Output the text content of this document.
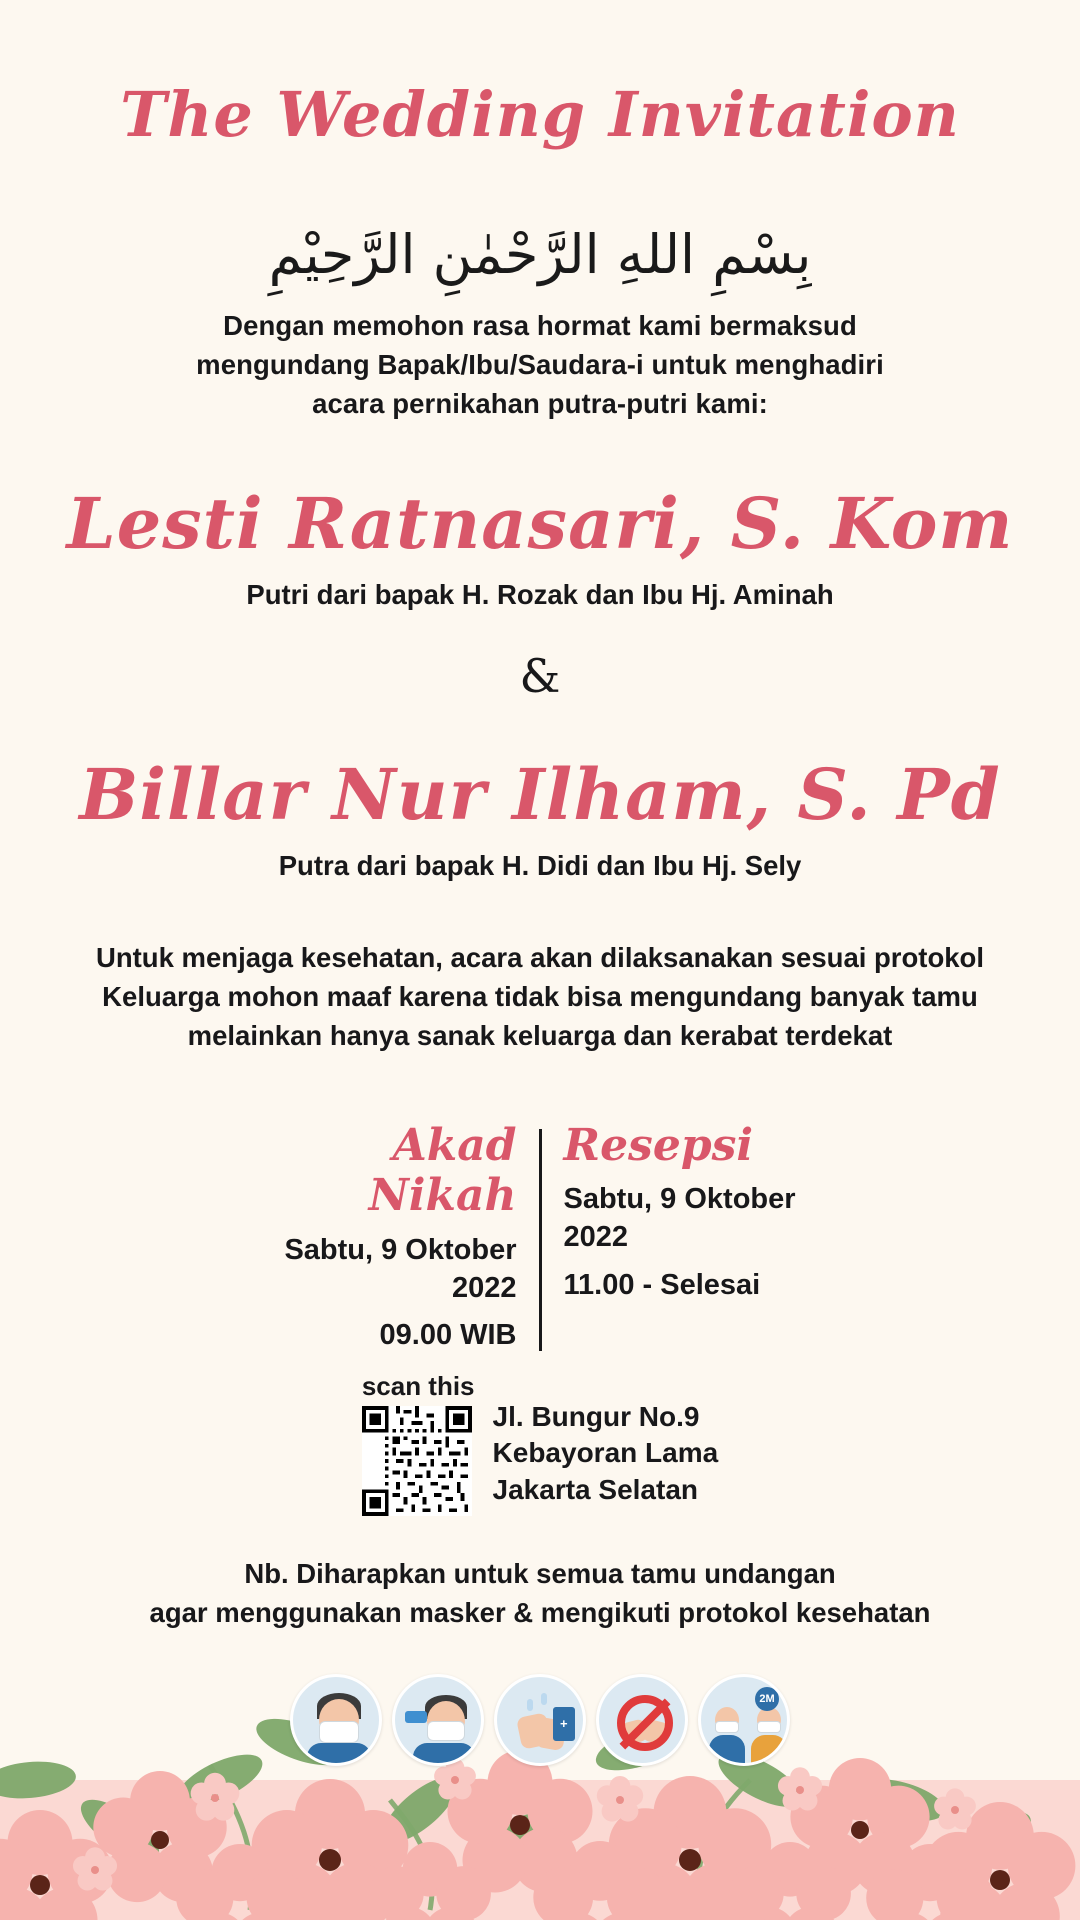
The Wedding Invitation
بِسْمِ اللهِ الرَّحْمٰنِ الرَّحِيْمِ
Dengan memohon rasa hormat kami bermaksud
mengundang Bapak/Ibu/Saudara-i untuk menghadiri
acara pernikahan putra-putri kami:
Lesti Ratnasari, S. Kom
Putri dari bapak H. Rozak dan Ibu Hj. Aminah
&
Billar Nur Ilham, S. Pd
Putra dari bapak H. Didi dan Ibu Hj. Sely
Untuk menjaga kesehatan, acara akan dilaksanakan sesuai protokol
Keluarga mohon maaf karena tidak bisa mengundang banyak tamu
melainkan hanya sanak keluarga dan kerabat terdekat
Akad Nikah
Sabtu, 9 Oktober 2022
09.00 WIB
Resepsi
Sabtu, 9 Oktober 2022
11.00 - Selesai
scan this
Jl. Bungur No.9
Kebayoran Lama
Jakarta Selatan
Nb. Diharapkan untuk semua tamu undangan
agar menggunakan masker & mengikuti protokol kesehatan
+
2M
